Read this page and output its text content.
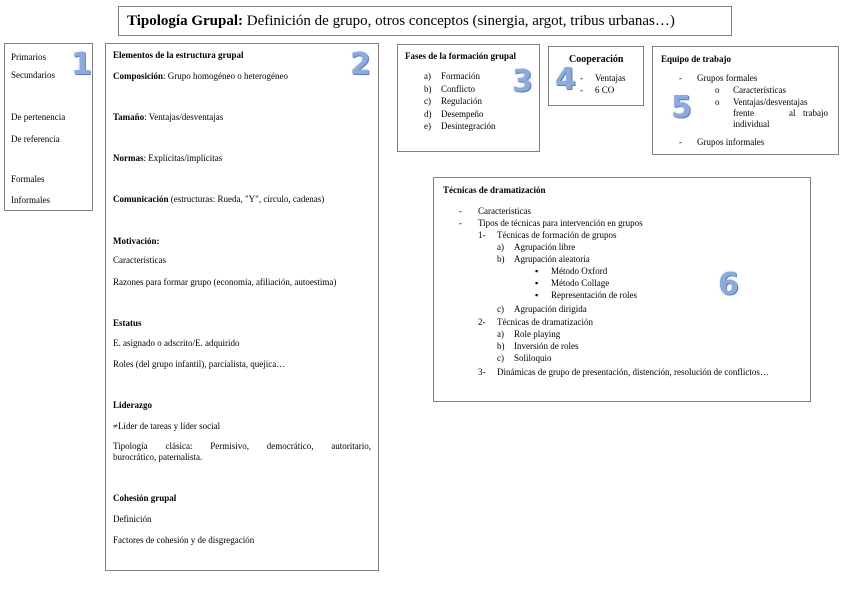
Tipología Grupal: Definición de grupo, otros conceptos (sinergia, argot, tribus urbanas…)
1
Primarios
Secundarios
De pertenencia
De referencia
Formales
Informales
2
Elementos de la estructura grupal
Composición: Grupo homogéneo o heterogéneo
Tamaño: Ventajas/desventajas
Normas: Explícitas/implícitas
Comunicación (estructuras: Rueda, "Y", círculo, cadenas)
Motivación:
Características
Razones para formar grupo (economía, afiliación, autoestima)
Estatus
E. asignado o adscrito/E. adquirido
Roles (del grupo infantil), parcialista, quejica…
Liderazgo
≠Líder de tareas y líder social
Tipología clásica: Permisivo, democrático, autoritario,
burocrático, paternalista.
Cohesión grupal
Definición
Factores de cohesión y de disgregación
3
Fases de la formación grupal
a) Formación
b) Conflicto
c) Regulación
d) Desempeño
e) Desintegración
4
Cooperación
- Ventajas
- 6 CO 5
Equipo de trabajo
- Grupos formales
o Características
o Ventajas/desventajas
frente	al trabajo
individual
- Grupos informales
6
Técnicas de dramatización
- Características
- Tipos de técnicas para intervención en grupos
1- Técnicas de formación de grupos
a) Agrupación libre
b) Agrupación aleatoria
▪ Método Oxford
▪ Método Collage
▪ Representación de roles
c) Agrupación dirigida
2- Técnicas de dramatización
a) Role playing
b) Inversión de roles
c) Soliloquio
3- Dinámicas de grupo de presentación, distención, resolución de conflictos…
